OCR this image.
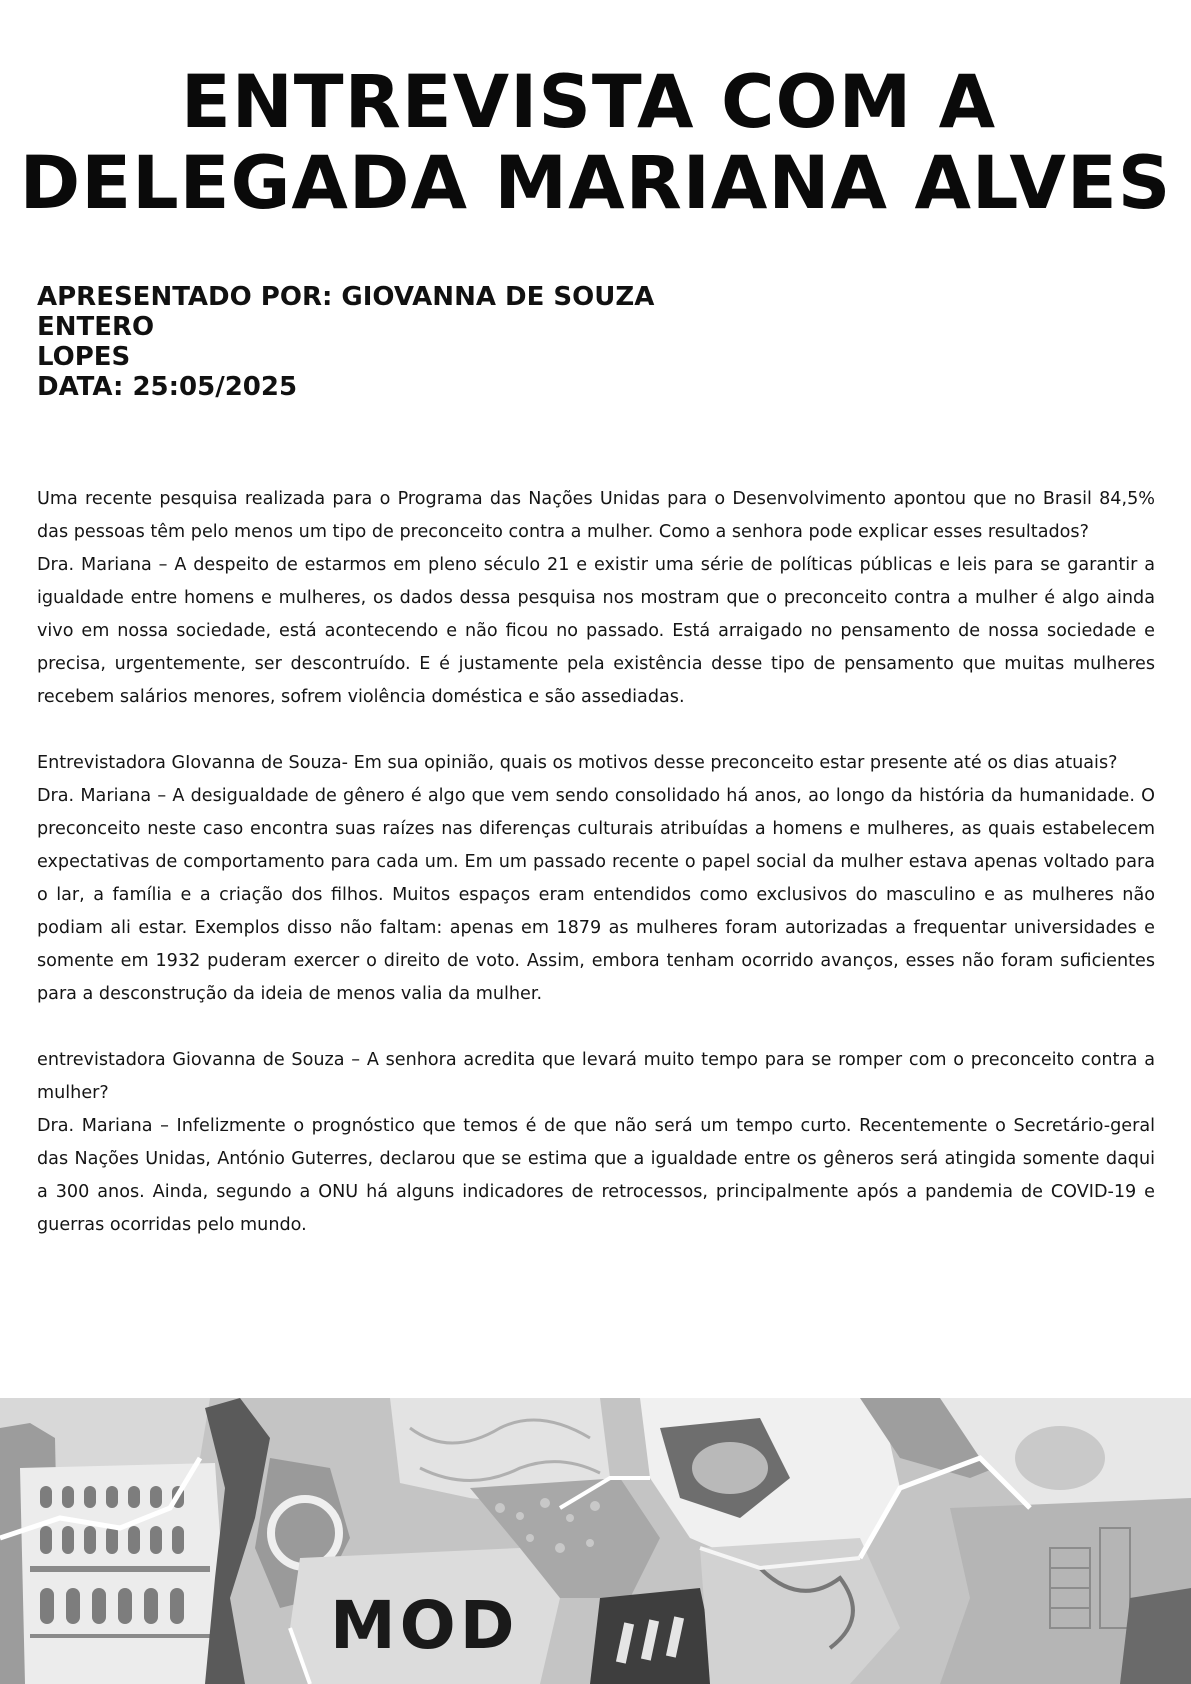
ENTREVISTA COM A
DELEGADA MARIANA ALVES
APRESENTADO POR: GIOVANNA DE SOUZA ENTERO
LOPES
DATA: 25:05/2025

Uma recente pesquisa realizada para o Programa das Nações Unidas para o Desenvolvimento apontou que no Brasil 84,5% das pessoas têm pelo menos um tipo de preconceito contra a mulher. Como a senhora pode explicar esses resultados?

Dra. Mariana – A despeito de estarmos em pleno século 21 e existir uma série de políticas públicas e leis para se garantir a igualdade entre homens e mulheres, os dados dessa pesquisa nos mostram que o preconceito contra a mulher é algo ainda vivo em nossa sociedade, está acontecendo e não ficou no passado. Está arraigado no pensamento de nossa sociedade e precisa, urgentemente, ser descontruído. E é justamente pela existência desse tipo de pensamento que muitas mulheres recebem salários menores, sofrem violência doméstica e são assediadas.

Entrevistadora GIovanna de Souza- Em sua opinião, quais os motivos desse preconceito estar presente até os dias atuais?

Dra. Mariana – A desigualdade de gênero é algo que vem sendo consolidado há anos, ao longo da história da humanidade. O preconceito neste caso encontra suas raízes nas diferenças culturais atribuídas a homens e mulheres, as quais estabelecem expectativas de comportamento para cada um. Em um passado recente o papel social da mulher estava apenas voltado para o lar, a família e a criação dos filhos. Muitos espaços eram entendidos como exclusivos do masculino e as mulheres não podiam ali estar. Exemplos disso não faltam: apenas em 1879 as mulheres foram autorizadas a frequentar universidades e somente em 1932 puderam exercer o direito de voto. Assim, embora tenham ocorrido avanços, esses não foram suficientes para a desconstrução da ideia de menos valia da mulher.

entrevistadora Giovanna de Souza – A senhora acredita que levará muito tempo para se romper com o preconceito contra a mulher?

Dra. Mariana – Infelizmente o prognóstico que temos é de que não será um tempo curto. Recentemente o Secretário-geral das Nações Unidas, António Guterres, declarou que se estima que a igualdade entre os gêneros será atingida somente daqui a 300 anos. Ainda, segundo a ONU há alguns indicadores de retrocessos, principalmente após a pandemia de COVID-19 e guerras ocorridas pelo mundo.

MOD
